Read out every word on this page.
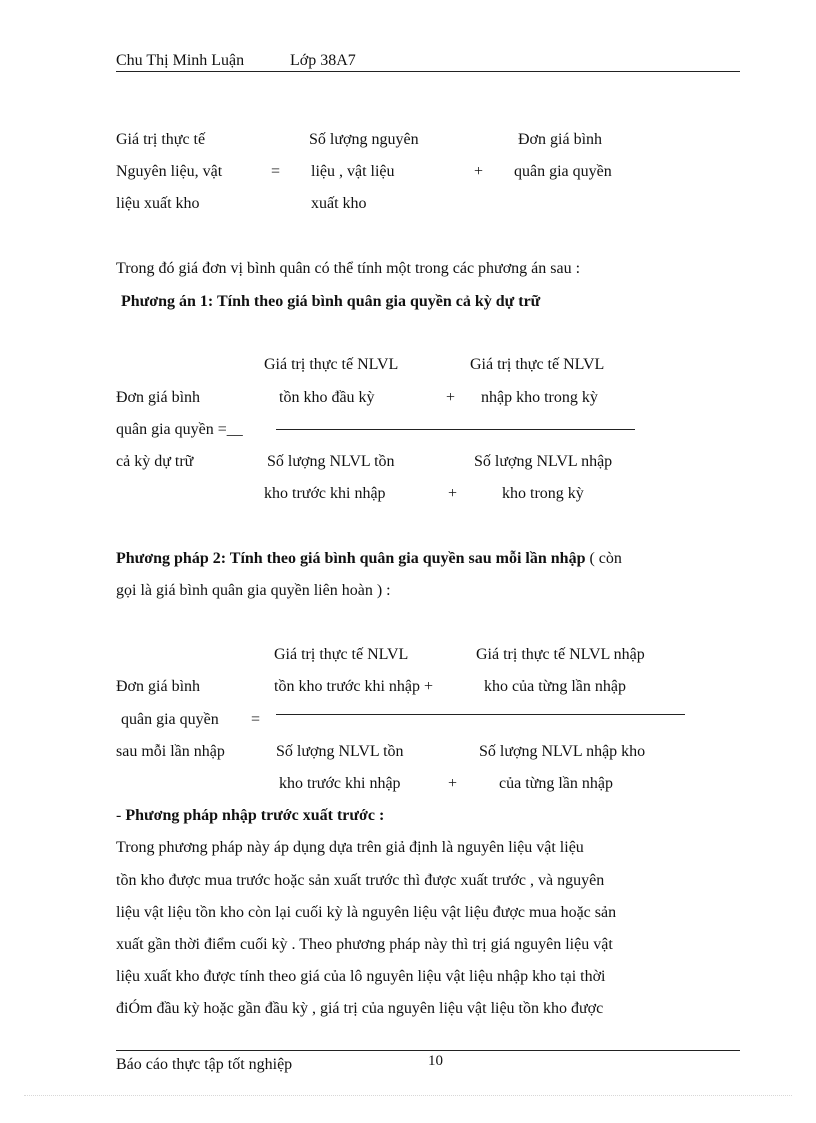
Chu Thị Minh Luận	Lớp 38A7
Giá trị thực tế
Nguyên liệu, vật
liệu xuất kho
=
Số lượng nguyên
liệu , vật liệu
xuất kho
+
Đơn giá bình
quân gia quyền
Trong đó giá đơn vị bình quân có thể tính một trong các phương án sau :
Phương án 1: Tính theo giá bình quân gia quyền cả kỳ dự trữ
Giá trị thực tế NLVL
tồn kho đầu kỳ	+
Giá trị thực tế NLVL
nhập kho trong kỳ
Đơn giá bình
quân gia quyền =__
cả kỳ dự trữ	Số lượng NLVL tồn
kho trước khi nhập	+
Số lượng NLVL nhập
kho trong kỳ
Phương pháp 2: Tính theo giá bình quân gia quyền sau mỗi lần nhập ( còn
gọi là giá bình quân gia quyền liên hoàn ) :
Giá trị thực tế NLVL
tồn kho trước khi nhập +
Giá trị thực tế NLVL nhập
kho của từng lần nhập
Đơn giá bình
quân gia quyền =
sau mỗi lần nhập	Số lượng NLVL tồn
kho trước khi nhập	+
Số lượng NLVL nhập kho
của từng lần nhập
- Phương pháp nhập trước xuất trước :
Trong phương pháp này áp dụng dựa trên giả định là nguyên liệu vật liệu
tồn kho được mua trước hoặc sản xuất trước thì được xuất trước , và nguyên
liệu vật liệu tồn kho còn lại cuối kỳ là nguyên liệu vật liệu được mua hoặc sản
xuất gần thời điểm cuối kỳ . Theo phương pháp này thì trị giá nguyên liệu vật
liệu xuất kho được tính theo giá của lô nguyên liệu vật liệu nhập kho tại thời
điÓm đầu kỳ hoặc gần đầu kỳ , giá trị của nguyên liệu vật liệu tồn kho được
Báo cáo thực tập tốt nghiệp	10
